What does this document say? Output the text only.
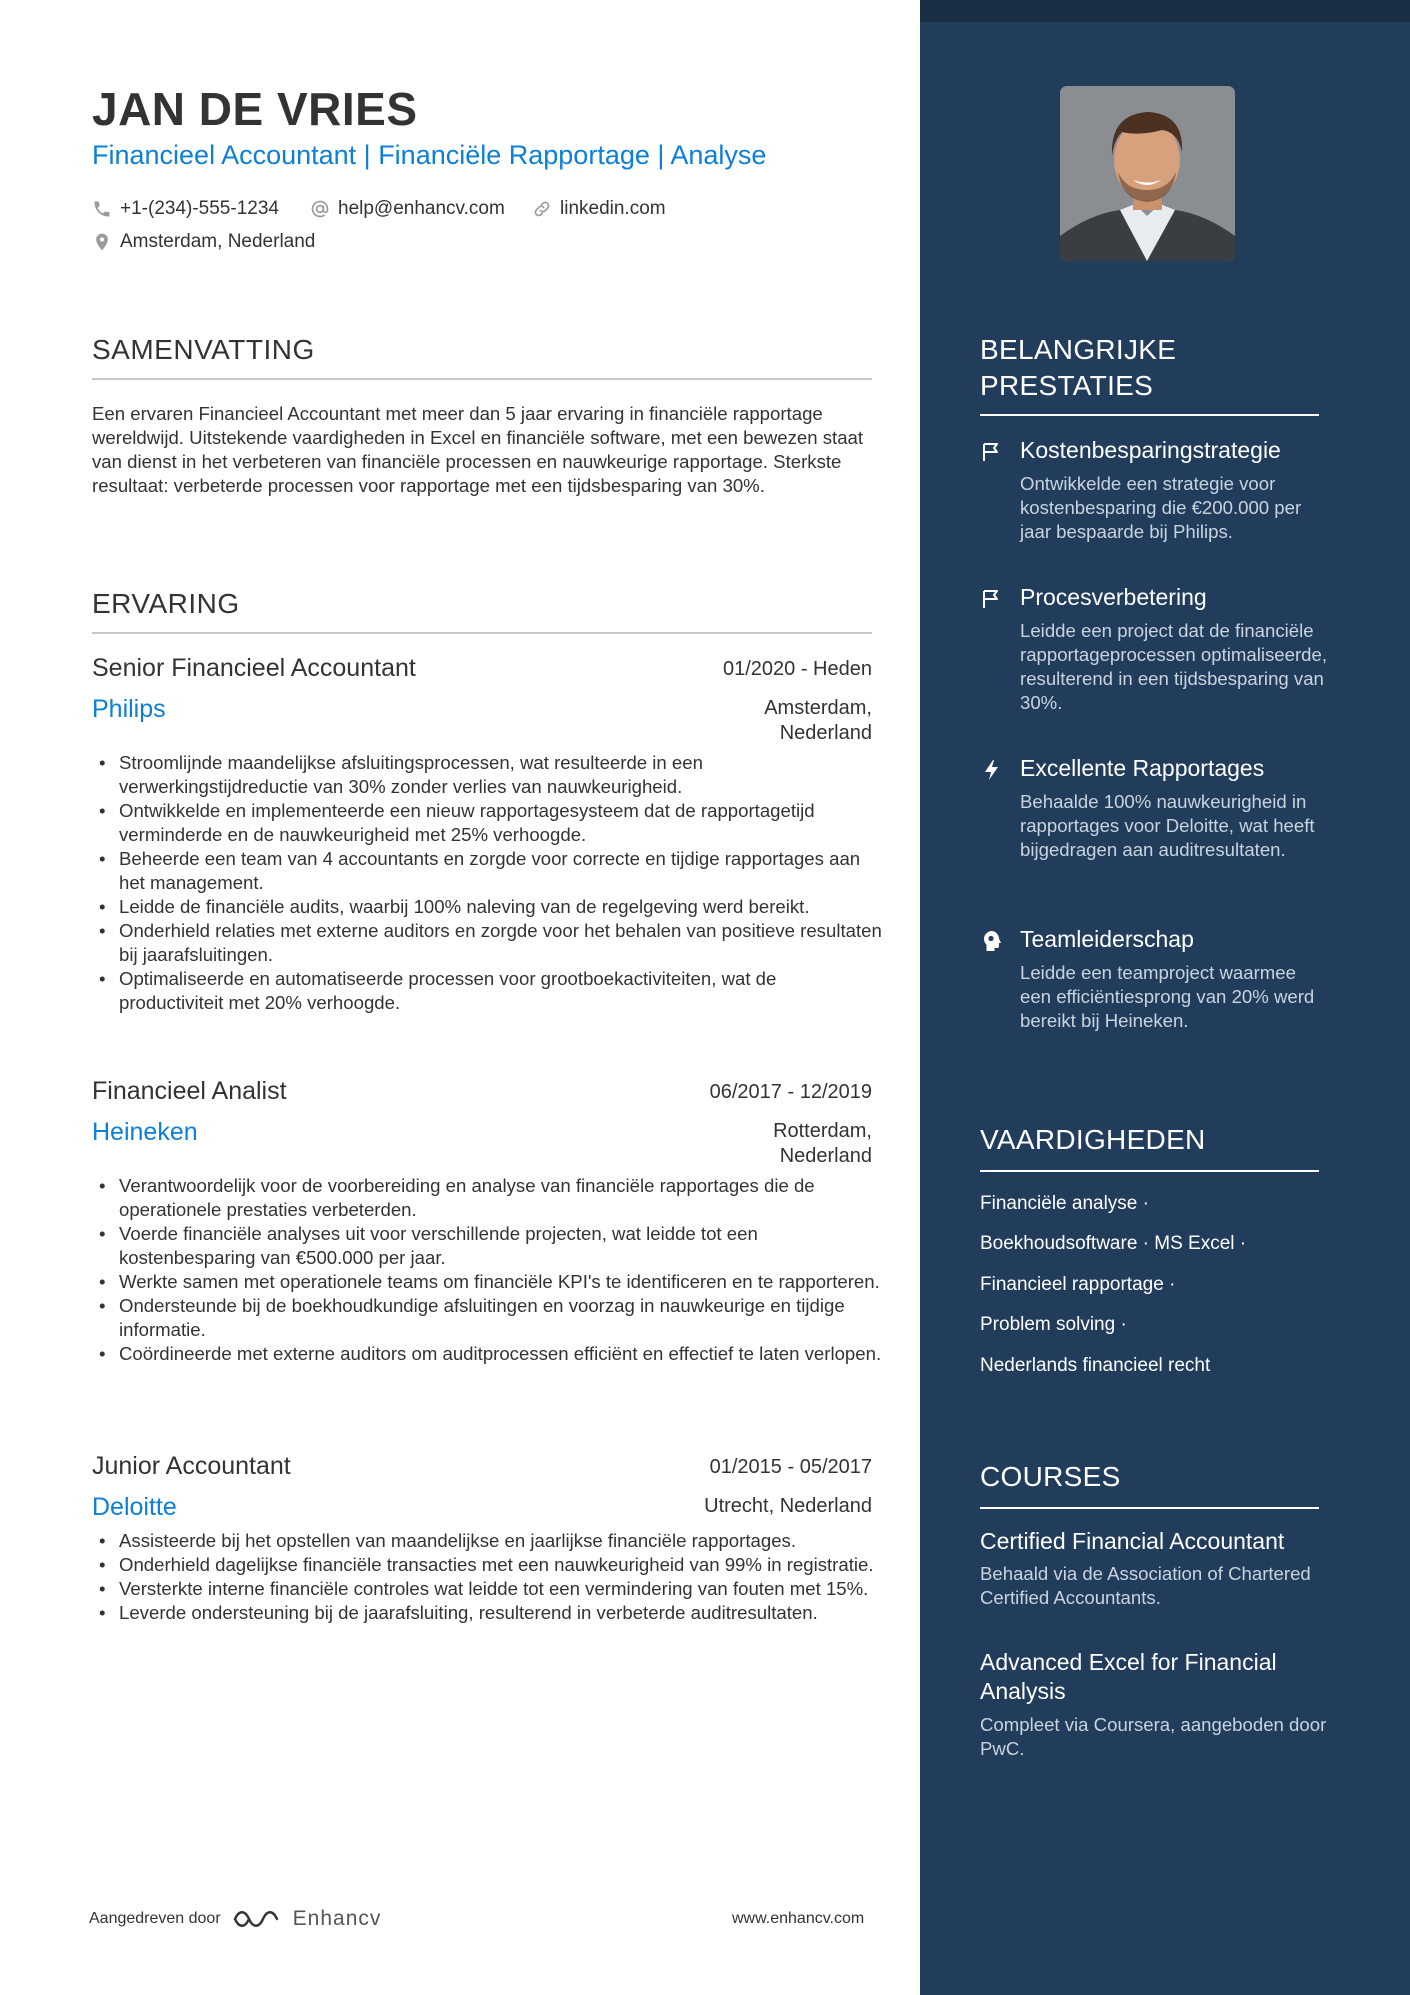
JAN DE VRIES
Financieel Accountant | Financiële Rapportage | Analyse
+1-(234)-555-1234	help@enhancv.com	linkedin.com
Amsterdam, Nederland
SAMENVATTING
Een ervaren Financieel Accountant met meer dan 5 jaar ervaring in financiële rapportage wereldwijd. Uitstekende vaardigheden in Excel en financiële software, met een bewezen staat van dienst in het verbeteren van financiële processen en nauwkeurige rapportage. Sterkste resultaat: verbeterde processen voor rapportage met een tijdsbesparing van 30%.
ERVARING
Senior Financieel Accountant	01/2020 - Heden
Philips	Amsterdam,
Nederland
• Stroomlijnde maandelijkse afsluitingsprocessen, wat resulteerde in een verwerkingstijdreductie van 30% zonder verlies van nauwkeurigheid.
• Ontwikkelde en implementeerde een nieuw rapportagesysteem dat de rapportagetijd verminderde en de nauwkeurigheid met 25% verhoogde.
• Beheerde een team van 4 accountants en zorgde voor correcte en tijdige rapportages aan het management.
• Leidde de financiële audits, waarbij 100% naleving van de regelgeving werd bereikt.
• Onderhield relaties met externe auditors en zorgde voor het behalen van positieve resultaten bij jaarafsluitingen.
• Optimaliseerde en automatiseerde processen voor grootboekactiviteiten, wat de productiviteit met 20% verhoogde.
Financieel Analist	06/2017 - 12/2019
Heineken	Rotterdam,
Nederland
• Verantwoordelijk voor de voorbereiding en analyse van financiële rapportages die de operationele prestaties verbeterden.
• Voerde financiële analyses uit voor verschillende projecten, wat leidde tot een kostenbesparing van €500.000 per jaar.
• Werkte samen met operationele teams om financiële KPI's te identificeren en te rapporteren.
• Ondersteunde bij de boekhoudkundige afsluitingen en voorzag in nauwkeurige en tijdige informatie.
• Coördineerde met externe auditors om auditprocessen efficiënt en effectief te laten verlopen.
Junior Accountant	01/2015 - 05/2017
Deloitte	Utrecht, Nederland
• Assisteerde bij het opstellen van maandelijkse en jaarlijkse financiële rapportages.
• Onderhield dagelijkse financiële transacties met een nauwkeurigheid van 99% in registratie.
• Versterkte interne financiële controles wat leidde tot een vermindering van fouten met 15%.
• Leverde ondersteuning bij de jaarafsluiting, resulterend in verbeterde auditresultaten.
BELANGRIJKE
PRESTATIES
Kostenbesparingstrategie
Ontwikkelde een strategie voor kostenbesparing die €200.000 per jaar bespaarde bij Philips.
Procesverbetering
Leidde een project dat de financiële rapportageprocessen optimaliseerde, resulterend in een tijdsbesparing van 30%.
Excellente Rapportages
Behaalde 100% nauwkeurigheid in rapportages voor Deloitte, wat heeft bijgedragen aan auditresultaten.
Teamleiderschap
Leidde een teamproject waarmee een efficiëntiesprong van 20% werd bereikt bij Heineken.
VAARDIGHEDEN
Financiële analyse ·
Boekhoudsoftware · MS Excel ·
Financieel rapportage ·
Problem solving ·
Nederlands financieel recht
COURSES
Certified Financial Accountant
Behaald via de Association of Chartered Certified Accountants.
Advanced Excel for Financial Analysis
Compleet via Coursera, aangeboden door PwC.
Aangedreven door	Enhancv	www.enhancv.com
